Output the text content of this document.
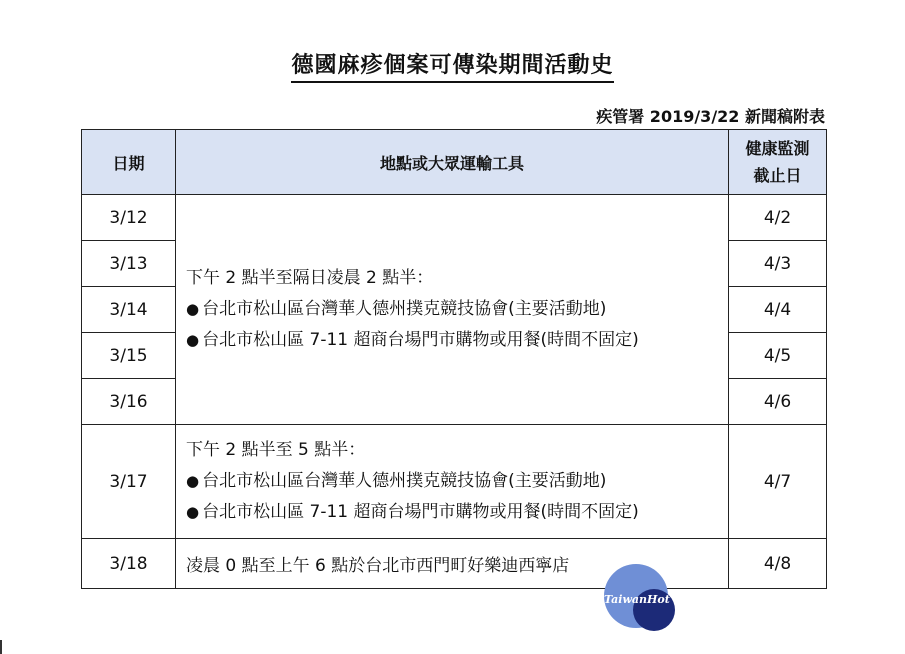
德國麻疹個案可傳染期間活動史
疾管署 2019/3/22 新聞稿附表
日期	地點或大眾運輸工具	健康監測
截止日

3/12	下午 2 點半至隔日凌晨 2 點半：
● 台北市松山區台灣華人德州撲克競技協會(主要活動地)
● 台北市松山區 7-11 超商台場門市購物或用餐(時間不固定)	4/2
3/13		4/3
3/14		4/4
3/15		4/5
3/16		4/6
3/17	下午 2 點半至 5 點半：
● 台北市松山區台灣華人德州撲克競技協會(主要活動地)
● 台北市松山區 7-11 超商台場門市購物或用餐(時間不固定)	4/7
3/18	凌晨 0 點至上午 6 點於台北市西門町好樂迪西寧店	4/8
TaiwanHot
